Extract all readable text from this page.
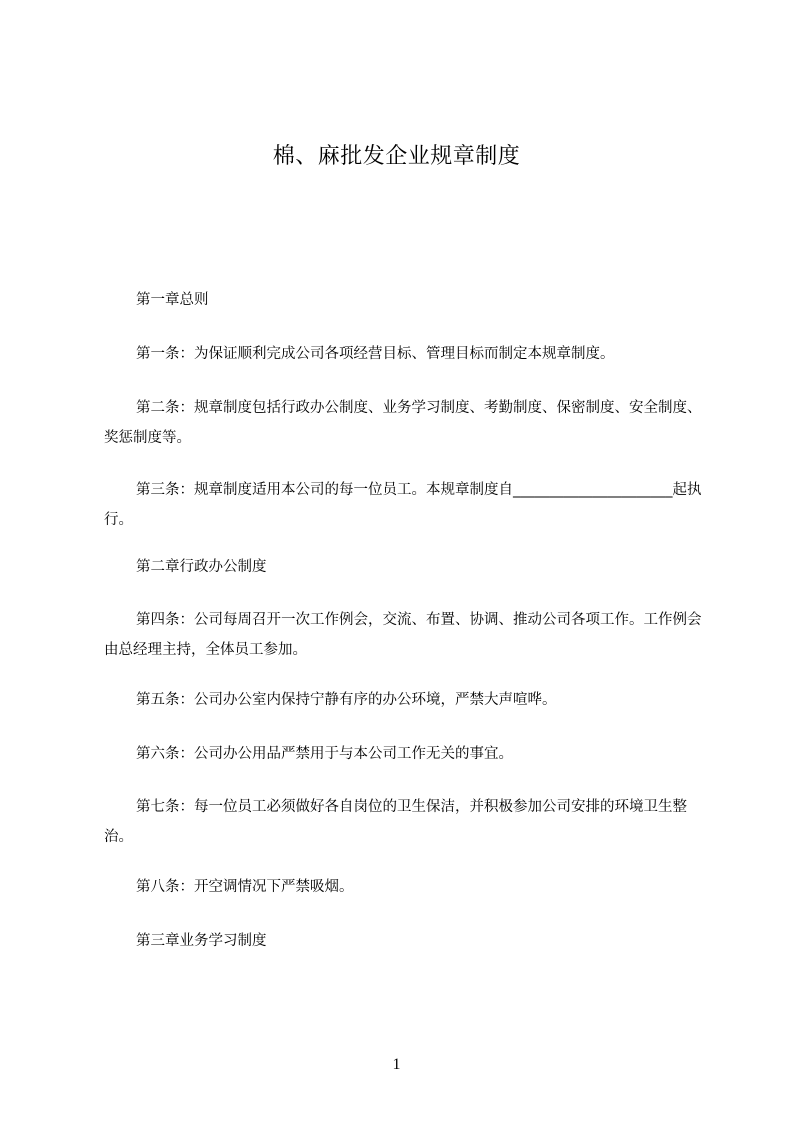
棉、麻批发企业规章制度
第一章总则
第一条：为保证顺利完成公司各项经营目标、管理目标而制定本规章制度。
第二条：规章制度包括行政办公制度、业务学习制度、考勤制度、保密制度、安全制度、奖惩制度等。
第三条：规章制度适用本公司的每一位员工。本规章制度自______________________起执行。
第二章行政办公制度
第四条：公司每周召开一次工作例会，交流、布置、协调、推动公司各项工作。工作例会由总经理主持，全体员工参加。
第五条：公司办公室内保持宁静有序的办公环境，严禁大声喧哗。
第六条：公司办公用品严禁用于与本公司工作无关的事宜。
第七条：每一位员工必须做好各自岗位的卫生保洁，并积极参加公司安排的环境卫生整治。
第八条：开空调情况下严禁吸烟。
第三章业务学习制度
1
